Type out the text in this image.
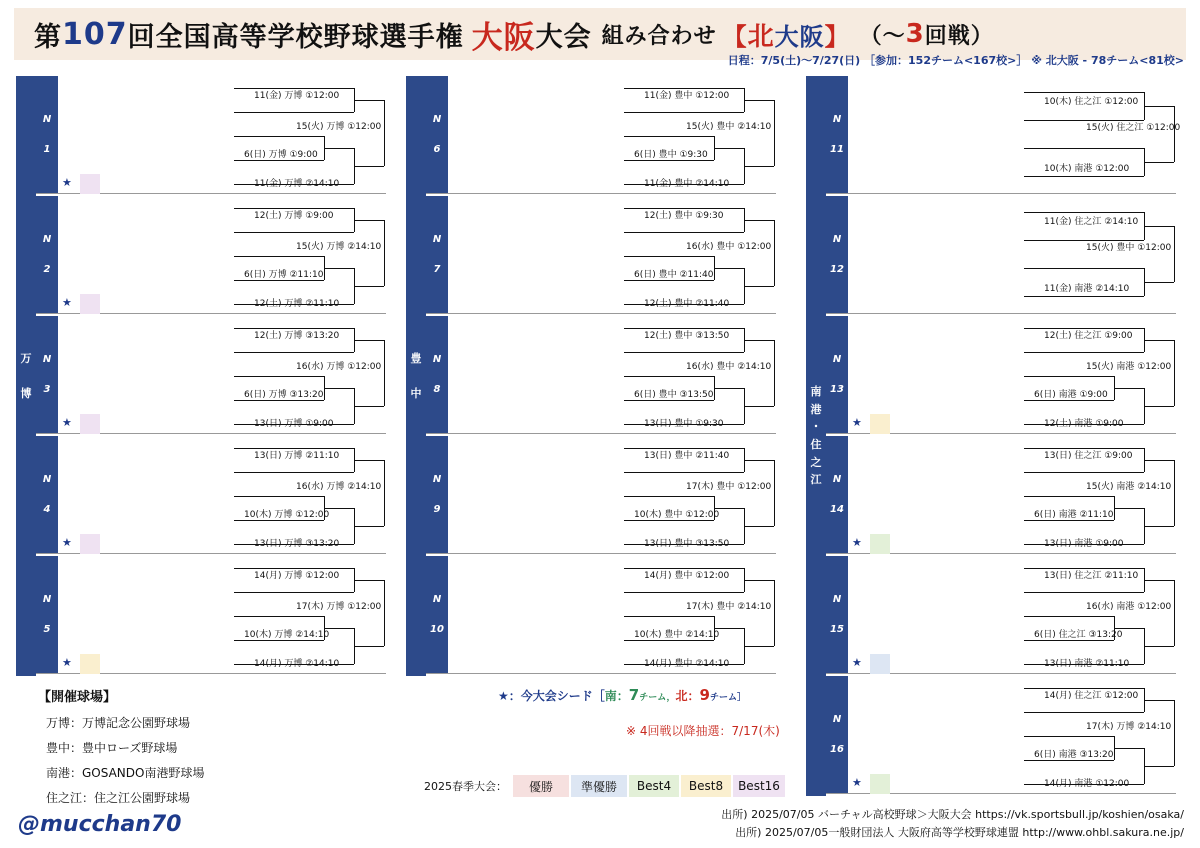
第 107 回全国高等学校野球選手権 大阪 大会 組み合わせ 【 北 大阪 】 （～ 3 回戦）
日程：7/5(土)～7/27(日) ［参加：152チーム<167校>］ ※ 北大阪 - 78チーム<81校>
万

博
N

1
★
11(金) 万博 ①12:00
6(日) 万博 ①9:00
11(金) 万博 ②14:10
15(火) 万博 ①12:00
N

2
★
12(土) 万博 ①9:00
6(日) 万博 ②11:10
12(土) 万博 ②11:10
15(火) 万博 ②14:10
N

3
★
12(土) 万博 ③13:20
6(日) 万博 ③13:20
13(日) 万博 ①9:00
16(水) 万博 ①12:00
N

4
★
13(日) 万博 ②11:10
10(木) 万博 ①12:00
13(日) 万博 ③13:20
16(水) 万博 ②14:10
N

5
★
14(月) 万博 ①12:00
10(木) 万博 ②14:10
14(月) 万博 ②14:10
17(木) 万博 ①12:00
豊

中
N

6
11(金) 豊中 ①12:00
6(日) 豊中 ①9:30
11(金) 豊中 ②14:10
15(火) 豊中 ②14:10
N

7
12(土) 豊中 ①9:30
6(日) 豊中 ②11:40
12(土) 豊中 ②11:40
16(水) 豊中 ①12:00
N

8
12(土) 豊中 ③13:50
6(日) 豊中 ③13:50
13(日) 豊中 ①9:30
16(水) 豊中 ②14:10
N

9
13(日) 豊中 ②11:40
10(木) 豊中 ①12:00
13(日) 豊中 ③13:50
17(木) 豊中 ①12:00
N

10
14(月) 豊中 ①12:00
10(木) 豊中 ②14:10
14(月) 豊中 ②14:10
17(木) 豊中 ②14:10
南
港
・
住
之
江
N

11
10(木) 住之江 ①12:00
10(木) 南港 ①12:00
15(火) 住之江 ①12:00
N

12
11(金) 住之江 ②14:10
11(金) 南港 ②14:10
15(火) 豊中 ①12:00
N

13
★
12(土) 住之江 ①9:00
6(日) 南港 ①9:00
12(土) 南港 ①9:00
15(火) 南港 ①12:00
N

14
★
13(日) 住之江 ①9:00
6(日) 南港 ②11:10
13(日) 南港 ①9:00
15(火) 南港 ②14:10
N

15
★
13(日) 住之江 ②11:10
6(日) 住之江 ③13:20
13(日) 南港 ②11:10
16(水) 南港 ①12:00
N

16
★
14(月) 住之江 ①12:00
6(日) 南港 ③13:20
14(月) 南港 ①12:00
17(木) 万博 ②14:10
【開催球場】
万博：万博記念公園野球場
豊中：豊中ローズ野球場
南港：GOSANDO南港野球場
住之江：住之江公園野球場
@mucchan70
★：今大会シード［南：7チーム，北：9チーム］
※ 4回戦以降抽選：7/17(木)
2025春季大会：	優勝	準優勝	Best4	Best8	Best16
出所) 2025/07/05 バーチャル高校野球＞大阪大会 https://vk.sportsbull.jp/koshien/osaka/
出所) 2025/07/05一般財団法人 大阪府高等学校野球連盟 http://www.ohbl.sakura.ne.jp/
